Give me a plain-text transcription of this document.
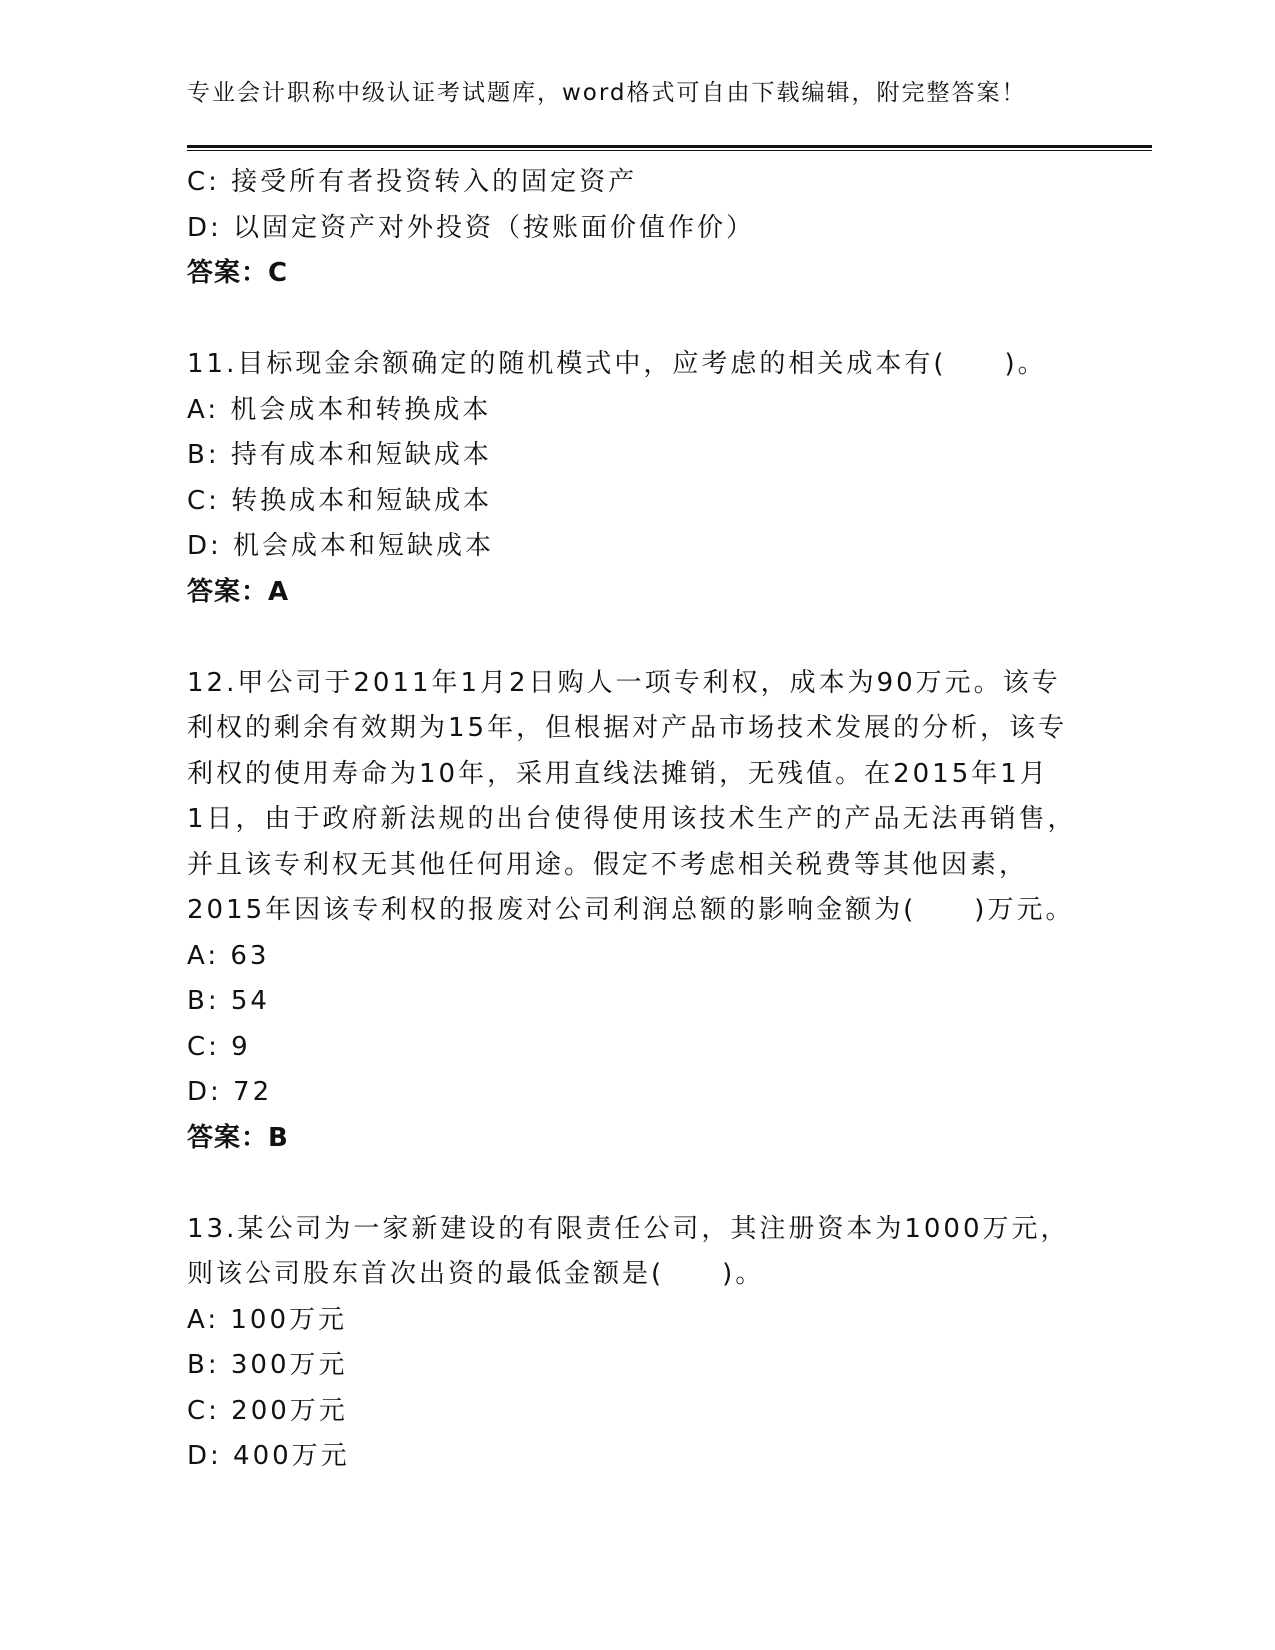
专业会计职称中级认证考试题库，word格式可自由下载编辑，附完整答案！
C: 接受所有者投资转入的固定资产
D: 以固定资产对外投资（按账面价值作价）
答案：C
11.目标现金余额确定的随机模式中，应考虑的相关成本有(　　)。
A: 机会成本和转换成本
B: 持有成本和短缺成本
C: 转换成本和短缺成本
D: 机会成本和短缺成本
答案：A
12.甲公司于2011年1月2日购人一项专利权，成本为90万元。该专
利权的剩余有效期为15年，但根据对产品市场技术发展的分析，该专
利权的使用寿命为10年，采用直线法摊销，无残值。在2015年1月
1日，由于政府新法规的出台使得使用该技术生产的产品无法再销售，
并且该专利权无其他任何用途。假定不考虑相关税费等其他因素，
2015年因该专利权的报废对公司利润总额的影响金额为(　　)万元。
A: 63
B: 54
C: 9
D: 72
答案：B
13.某公司为一家新建设的有限责任公司，其注册资本为1000万元，
则该公司股东首次出资的最低金额是(　　)。
A: 100万元
B: 300万元
C: 200万元
D: 400万元
